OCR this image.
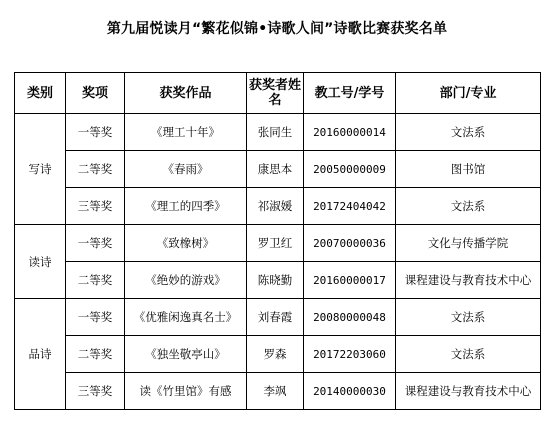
第九届悦读月“繁花似锦•诗歌人间”诗歌比赛获奖名单
类别	奖项	获奖作品	获奖者姓名	教工号/学号	部门/专业
写诗	一等奖	《理工十年》	张同生	20160000014	文法系
	二等奖	《春雨》	康思本	20050000009	图书馆
	三等奖	《理工的四季》	祁淑媛	20172404042	文法系
读诗	一等奖	《致橡树》	罗卫红	20070000036	文化与传播学院
	二等奖	《绝妙的游戏》	陈晓勤	20160000017	课程建设与教育技术中心
品诗	一等奖	《优雅闲逸真名士》	刘春霞	20080000048	文法系
	二等奖	《独坐敬亭山》	罗森	20172203060	文法系
	三等奖	读《竹里馆》有感	李飒	20140000030	课程建设与教育技术中心
